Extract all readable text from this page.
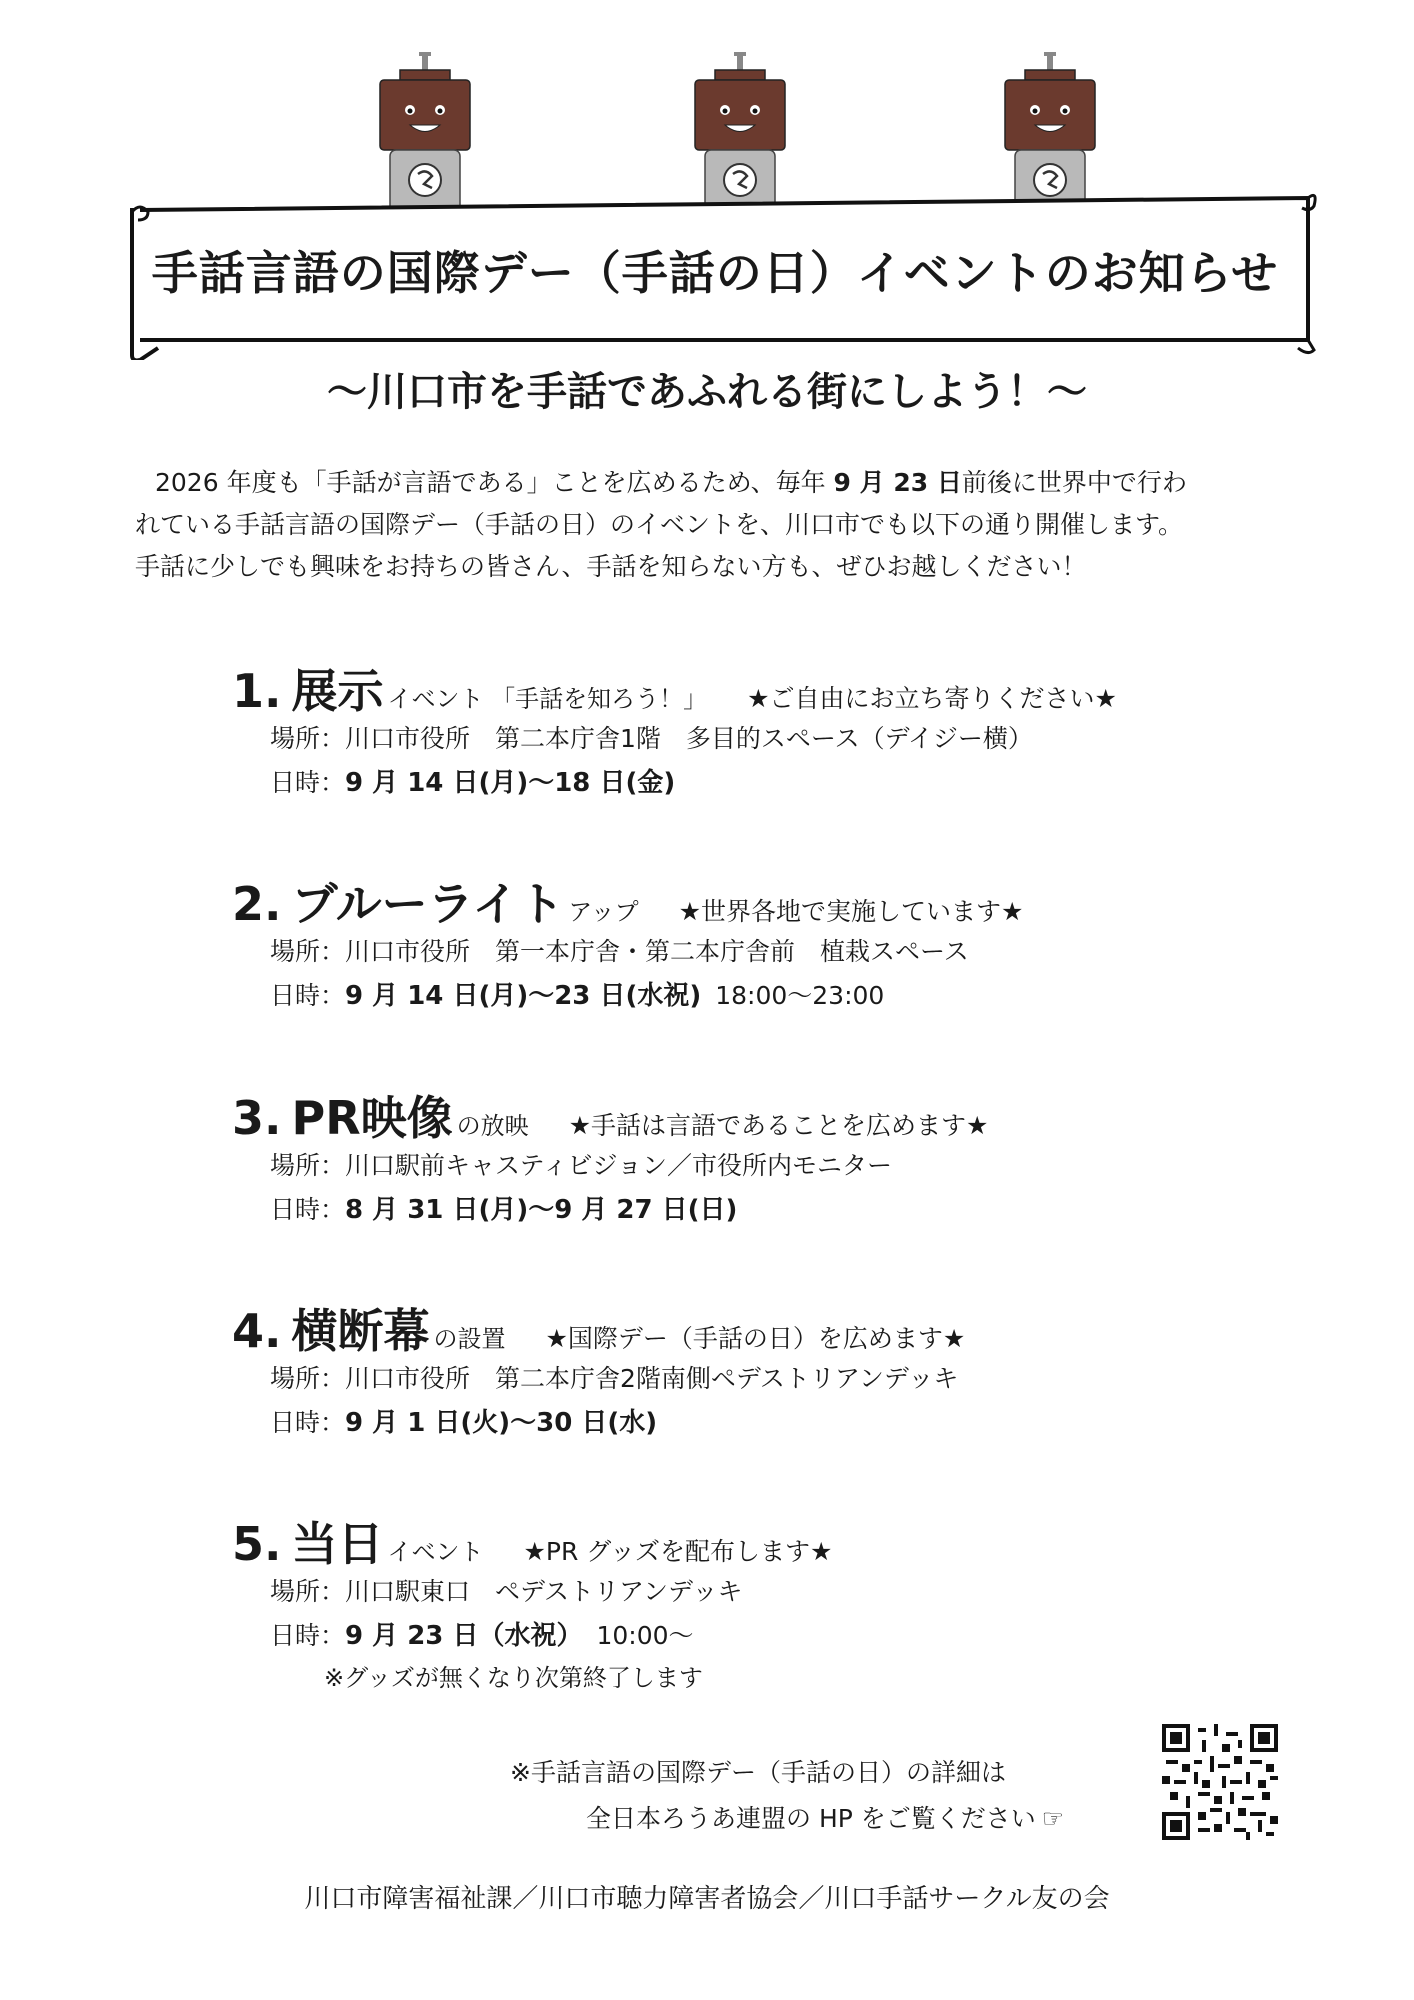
手話言語の国際デー（手話の日）イベントのお知らせ
～川口市を手話であふれる街にしよう！～
2026 年度も「手話が言語である」ことを広めるため、毎年 9 月 23 日前後に世界中で行わ
れている手話言語の国際デー（手話の日）のイベントを、川口市でも以下の通り開催します。
手話に少しでも興味をお持ちの皆さん、手話を知らない方も、ぜひお越しください！
1. 展示 イベント 「手話を知ろう！」 ★ご自由にお立ち寄りください★
場所：川口市役所　第二本庁舎1階　多目的スペース（デイジー横）
日時：9 月 14 日(月)～18 日(金)
2. ブルーライト アップ ★世界各地で実施しています★
場所：川口市役所　第一本庁舎・第二本庁舎前　植栽スペース
日時：9 月 14 日(月)～23 日(水祝) 18:00～23:00
3. PR映像 の放映 ★手話は言語であることを広めます★
場所：川口駅前キャスティビジョン／市役所内モニター
日時：8 月 31 日(月)～9 月 27 日(日)
4. 横断幕 の設置 ★国際デー（手話の日）を広めます★
場所：川口市役所　第二本庁舎2階南側ペデストリアンデッキ
日時：9 月 1 日(火)～30 日(水)
5. 当日 イベント ★PR グッズを配布します★
場所：川口駅東口　ペデストリアンデッキ
日時：9 月 23 日（水祝） 10:00～
※グッズが無くなり次第終了します
※手話言語の国際デー（手話の日）の詳細は
全日本ろうあ連盟の HP をご覧ください ☞
川口市障害福祉課／川口市聴力障害者協会／川口手話サークル友の会
